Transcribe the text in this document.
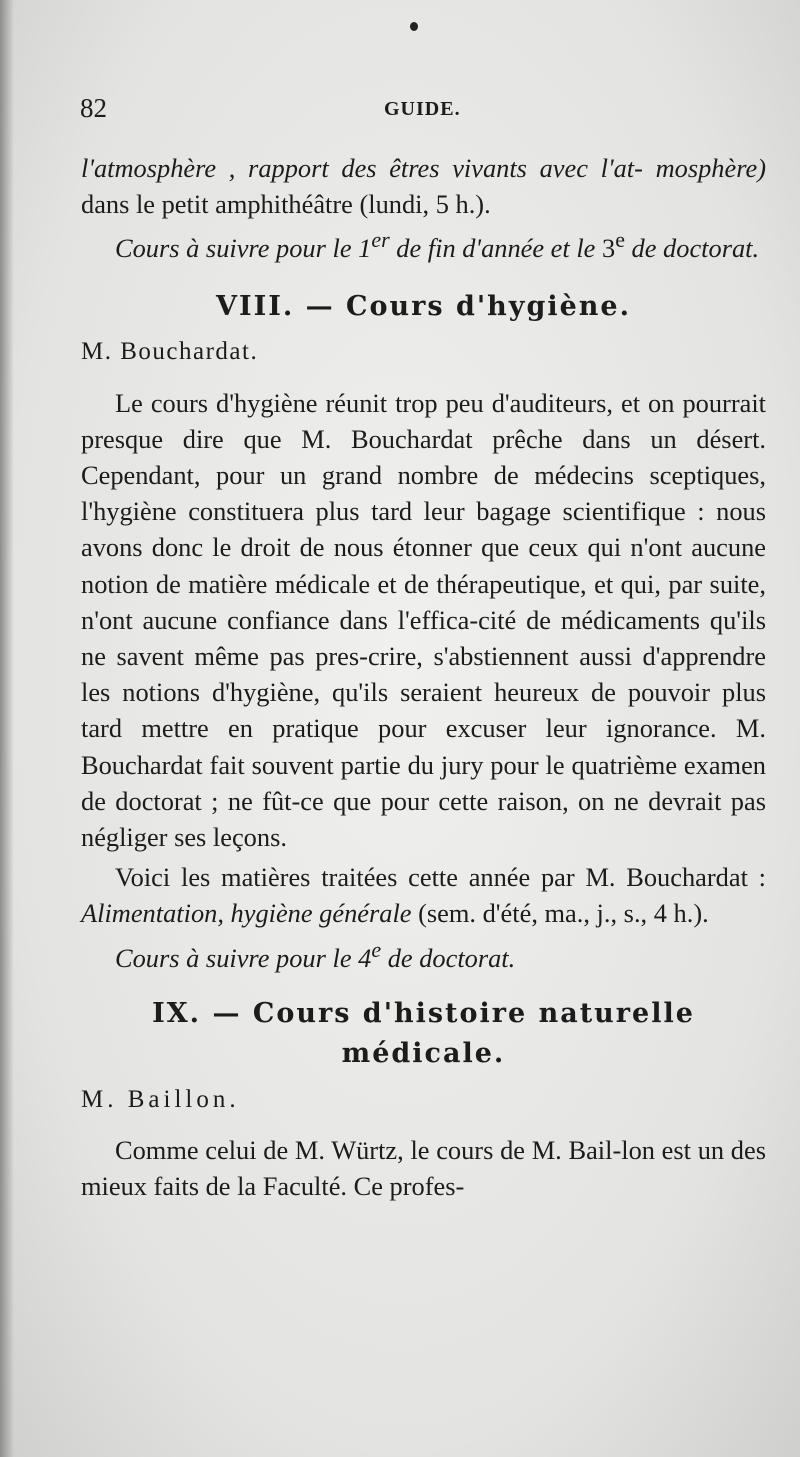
82	GUIDE.

l'atmosphère , rapport des êtres vivants avec l'at- mosphère) dans le petit amphithéâtre (lundi, 5 h.).

Cours à suivre pour le 1er de fin d'année et le 3e de doctorat.

VIII. — Cours d'hygiène.

M. Bouchardat.

Le cours d'hygiène réunit trop peu d'auditeurs, et on pourrait presque dire que M. Bouchardat prêche dans un désert. Cependant, pour un grand nombre de médecins sceptiques, l'hygiène constituera plus tard leur bagage scientifique : nous avons donc le droit de nous étonner que ceux qui n'ont aucune notion de matière médicale et de thérapeutique, et qui, par suite, n'ont aucune confiance dans l'effica-cité de médicaments qu'ils ne savent même pas pres-crire, s'abstiennent aussi d'apprendre les notions d'hygiène, qu'ils seraient heureux de pouvoir plus tard mettre en pratique pour excuser leur ignorance. M. Bouchardat fait souvent partie du jury pour le quatrième examen de doctorat ; ne fût-ce que pour cette raison, on ne devrait pas négliger ses leçons.

Voici les matières traitées cette année par M. Bouchardat : Alimentation, hygiène générale (sem. d'été, ma., j., s., 4 h.).

Cours à suivre pour le 4e de doctorat.

IX. — Cours d'histoire naturelle
médicale.

M. Baillon.

Comme celui de M. Würtz, le cours de M. Bail-lon est un des mieux faits de la Faculté. Ce profes-
